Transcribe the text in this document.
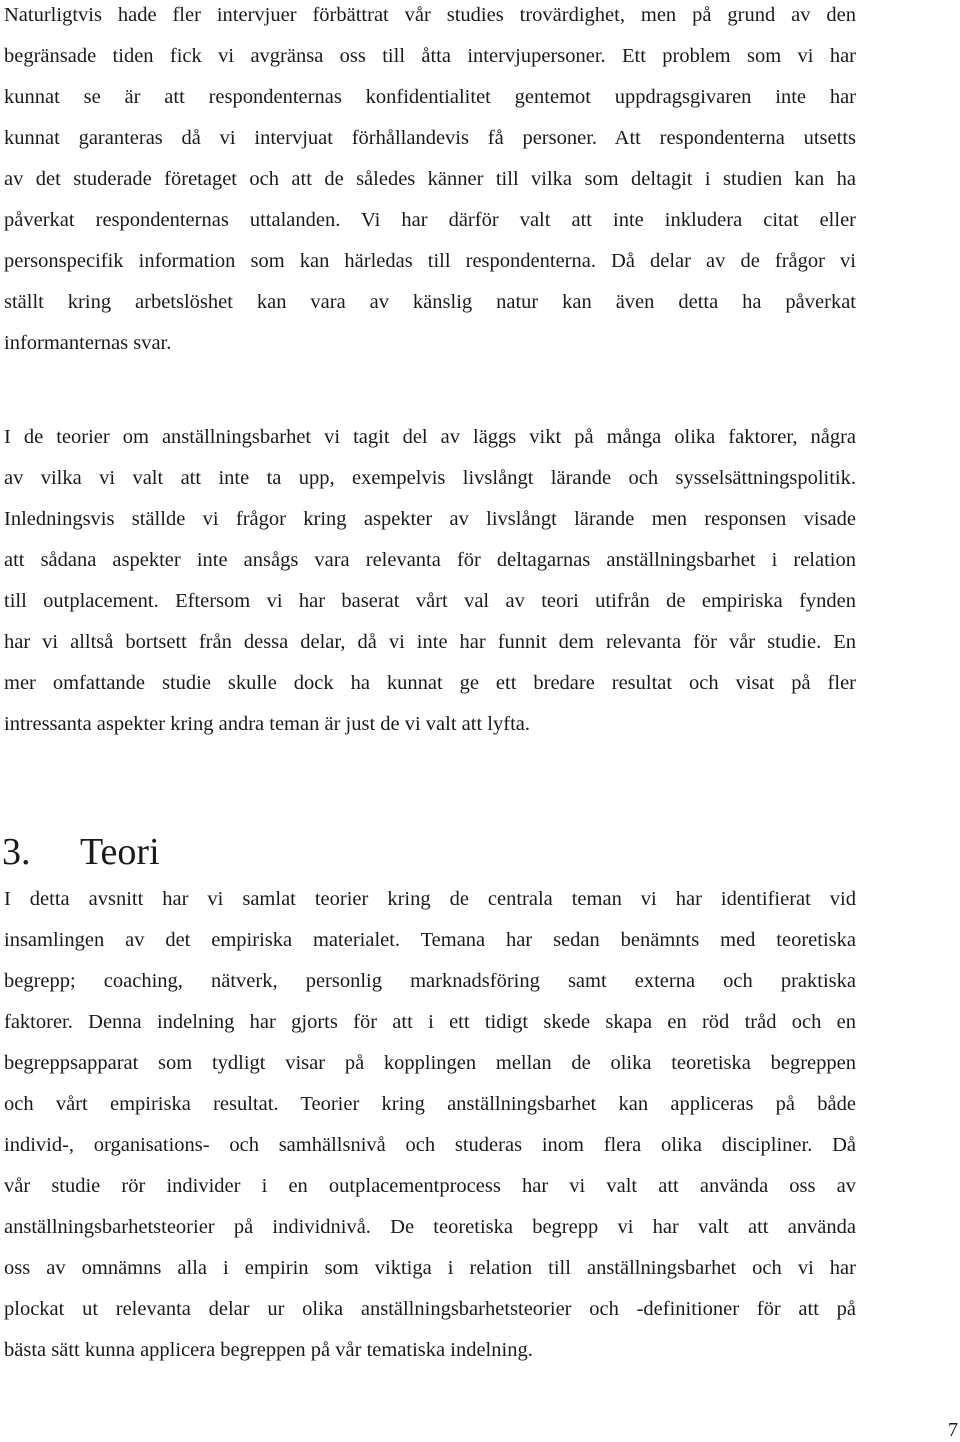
Naturligtvis hade fler intervjuer förbättrat vår studies trovärdighet, men på grund av den
begränsade tiden fick vi avgränsa oss till åtta intervjupersoner. Ett problem som vi har
kunnat se är att respondenternas konfidentialitet gentemot uppdragsgivaren inte har
kunnat garanteras då vi intervjuat förhållandevis få personer. Att respondenterna utsetts
av det studerade företaget och att de således känner till vilka som deltagit i studien kan ha
påverkat respondenternas uttalanden. Vi har därför valt att inte inkludera citat eller
personspecifik information som kan härledas till respondenterna. Då delar av de frågor vi
ställt kring arbetslöshet kan vara av känslig natur kan även detta ha påverkat
informanternas svar.
I de teorier om anställningsbarhet vi tagit del av läggs vikt på många olika faktorer, några
av vilka vi valt att inte ta upp, exempelvis livslångt lärande och sysselsättningspolitik.
Inledningsvis ställde vi frågor kring aspekter av livslångt lärande men responsen visade
att sådana aspekter inte ansågs vara relevanta för deltagarnas anställningsbarhet i relation
till outplacement. Eftersom vi har baserat vårt val av teori utifrån de empiriska fynden
har vi alltså bortsett från dessa delar, då vi inte har funnit dem relevanta för vår studie. En
mer omfattande studie skulle dock ha kunnat ge ett bredare resultat och visat på fler
intressanta aspekter kring andra teman är just de vi valt att lyfta.
3. Teori
I detta avsnitt har vi samlat teorier kring de centrala teman vi har identifierat vid
insamlingen av det empiriska materialet. Temana har sedan benämnts med teoretiska
begrepp; coaching, nätverk, personlig marknadsföring samt externa och praktiska
faktorer. Denna indelning har gjorts för att i ett tidigt skede skapa en röd tråd och en
begreppsapparat som tydligt visar på kopplingen mellan de olika teoretiska begreppen
och vårt empiriska resultat. Teorier kring anställningsbarhet kan appliceras på både
individ-, organisations- och samhällsnivå och studeras inom flera olika discipliner. Då
vår studie rör individer i en outplacementprocess har vi valt att använda oss av
anställningsbarhetsteorier på individnivå. De teoretiska begrepp vi har valt att använda
oss av omnämns alla i empirin som viktiga i relation till anställningsbarhet och vi har
plockat ut relevanta delar ur olika anställningsbarhetsteorier och -definitioner för att på
bästa sätt kunna applicera begreppen på vår tematiska indelning.
7
